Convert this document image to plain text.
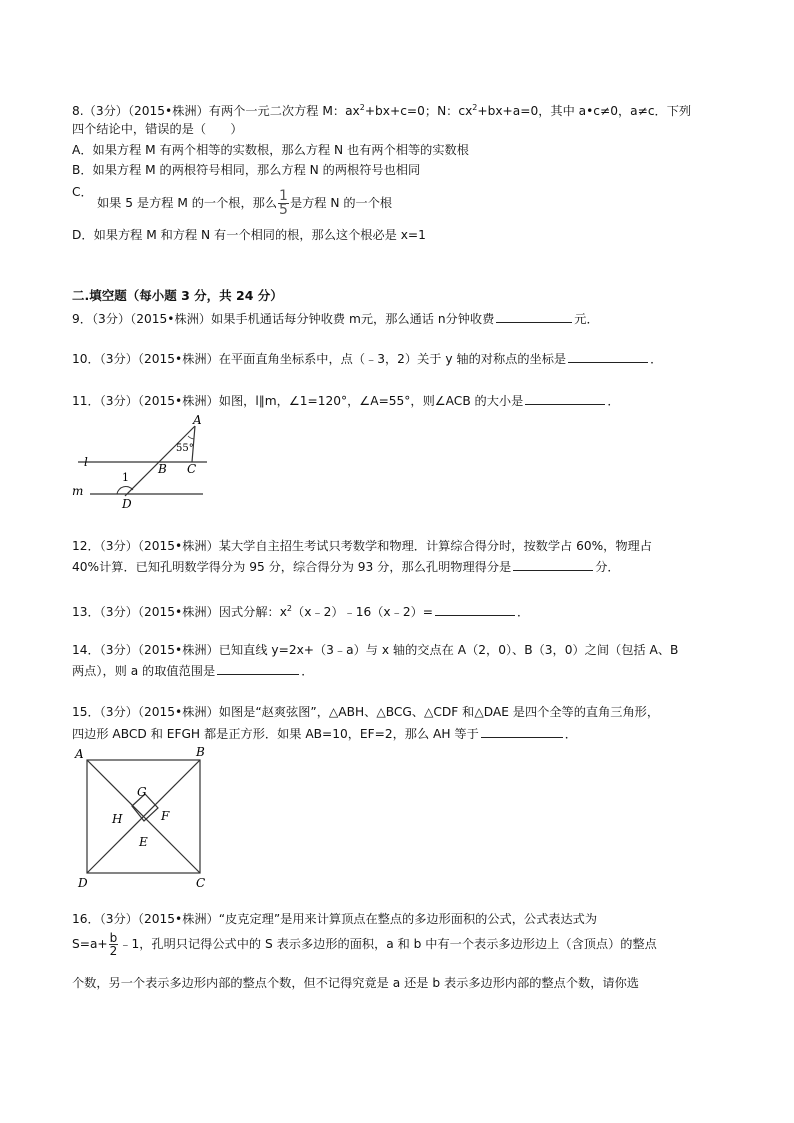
8.（3分）（2015•株洲）有两个一元二次方程 M：$ax^2+bx+c=0$；N：$cx^2+bx+a=0$，其中 a•c≠0，a≠c．下列
四个结论中，错误的是（　　）
A．如果方程 M 有两个相等的实数根，那么方程 N 也有两个相等的实数根
B．如果方程 M 的两根符号相同，那么方程 N 的两根符号也相同
C．
如果 5 是方程 M 的一个根，那么 $\frac{1}{5}$ 是方程 N 的一个根
D．如果方程 M 和方程 N 有一个相同的根，那么这个根必是 x=1
二.填空题（每小题 3 分，共 24 分）
9．（3分）（2015•株洲）如果手机通话每分钟收费 m元，那么通话 n分钟收费	元．
10．（3分）（2015•株洲）在平面直角坐标系中，点（﹣3，2）关于 y 轴的对称点的坐标是	．
11．（3分）（2015•株洲）如图，l∥m，∠1=120°，∠A=55°，则∠ACB 的大小是	．
A
B C
D
l
m
1
55°
12．（3分）（2015•株洲）某大学自主招生考试只考数学和物理．计算综合得分时，按数学占 60%，物理占
40%计算．已知孔明数学得分为 95 分，综合得分为 93 分，那么孔明物理得分是	分．
13．（3分）（2015•株洲）因式分解：$x^2(x﹣2)﹣16(x﹣2)=$	．
14．（3分）（2015•株洲）已知直线 y=2x+（3﹣a）与 x 轴的交点在 A（2，0）、B（3，0）之间（包括 A、B
两点），则 a 的取值范围是	．
15．（3分）（2015•株洲）如图是“赵爽弦图”，△ABH、△BCG、△CDF 和△DAE 是四个全等的直角三角形，
四边形 ABCD 和 EFGH 都是正方形．如果 AB=10，EF=2，那么 AH 等于	．
A	B
C
D
E
F
G
H
16．（3分）（2015•株洲）“皮克定理”是用来计算顶点在整点的多边形面积的公式，公式表达式为
$S=a+ \frac{b}{2}$ ﹣1，孔明只记得公式中的 S 表示多边形的面积，a 和 b 中有一个表示多边形边上（含顶点）的整点
个数，另一个表示多边形内部的整点个数，但不记得究竟是 a 还是 b 表示多边形内部的整点个数，请你选
